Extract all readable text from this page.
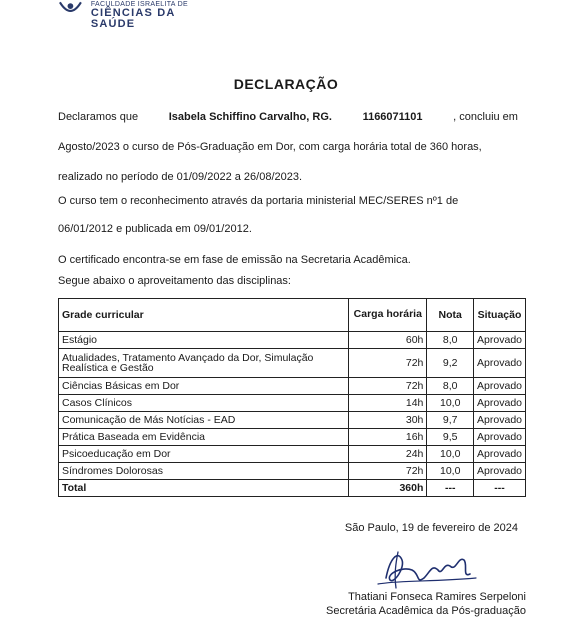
FACULDADE ISRAELITA DE
CIÊNCIAS DA SAÚDE
DECLARAÇÃO
Declaramos que	Isabela Schiffino Carvalho, RG.	1166071101	, concluiu em
Agosto/2023 o curso de Pós-Graduação em Dor, com carga horária total de 360 horas,
realizado no período de 01/09/2022 a 26/08/2023.
O curso tem o reconhecimento através da portaria ministerial MEC/SERES nº1 de
06/01/2012 e publicada em 09/01/2012.
O certificado encontra-se em fase de emissão na Secretaria Acadêmica.
Segue abaixo o aproveitamento das disciplinas:
Grade curricular	Carga horária	Nota	Situação
Estágio	60h	8,0	Aprovado
Atualidades, Tratamento Avançado da Dor, Simulação Realística e Gestão	72h	9,2	Aprovado
Ciências Básicas em Dor	72h	8,0	Aprovado
Casos Clínicos	14h	10,0	Aprovado
Comunicação de Más Notícias - EAD	30h	9,7	Aprovado
Prática Baseada em Evidência	16h	9,5	Aprovado
Psicoeducação em Dor	24h	10,0	Aprovado
Síndromes Dolorosas	72h	10,0	Aprovado
Total	360h	---	---
São Paulo, 19 de fevereiro de 2024
Thatiani Fonseca Ramires Serpeloni
Secretária Acadêmica da Pós-graduação
